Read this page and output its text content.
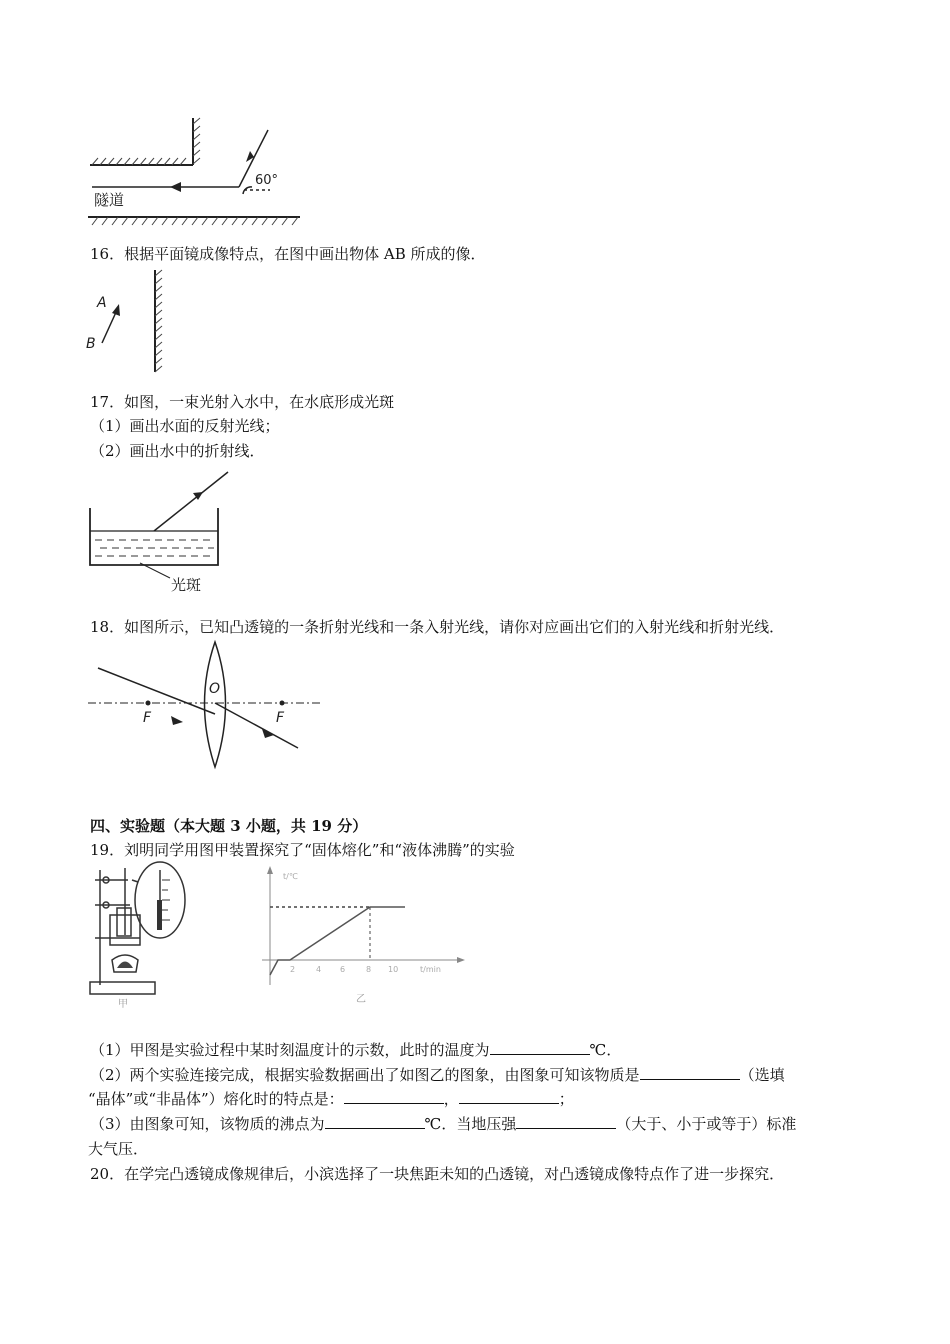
60°
隧道
16．根据平面镜成像特点，在图中画出物体 AB 所成的像．
A
B
17．如图，一束光射入水中，在水底形成光斑
（1）画出水面的反射光线；
（2）画出水中的折射线．
光斑
18．如图所示，已知凸透镜的一条折射光线和一条入射光线，请你对应画出它们的入射光线和折射光线．
O
F	F
四、实验题（本大题 3 小题，共 19 分）
19．刘明同学用图甲装置探究了“固体熔化”和“液体沸腾”的实验
甲
t/℃
t/min
2	4 6	8 10
乙
（1）甲图是实验过程中某时刻温度计的示数，此时的温度为	℃．
（2）两个实验连接完成，根据实验数据画出了如图乙的图象，由图象可知该物质是	（选填
“晶体”或“非晶体”）熔化时的特点是：	，	；
（3）由图象可知，该物质的沸点为	℃．当地压强	（大于、小于或等于）标准
大气压．
20．在学完凸透镜成像规律后，小滨选择了一块焦距未知的凸透镜，对凸透镜成像特点作了进一步探究．
